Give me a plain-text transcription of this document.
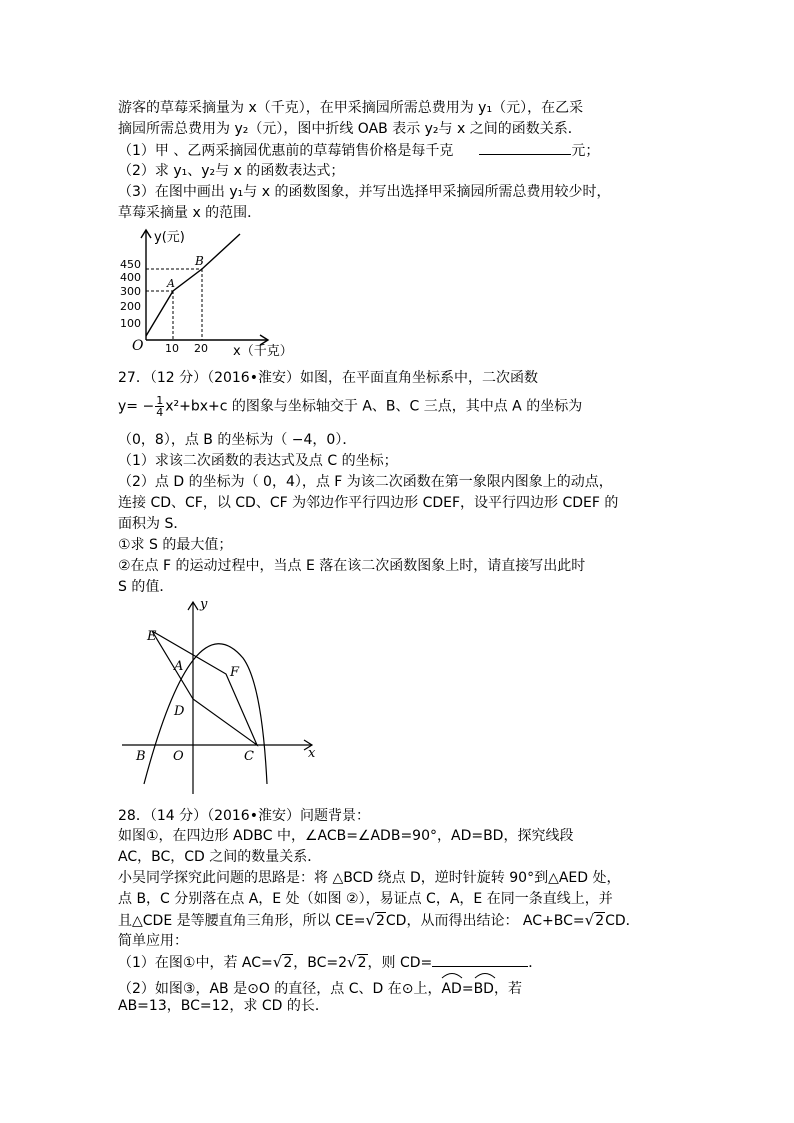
游客的草莓采摘量为 x（千克），在甲采摘园所需总费用为 y₁（元），在乙采
摘园所需总费用为 y₂（元），图中折线 OAB 表示 y₂与 x 之间的函数关系．
（1）甲 、乙两采摘园优惠前的草莓销售价格是每千克	元；
（2）求 y₁、y₂与 x 的函数表达式；
（3）在图中画出 y₁与 x 的函数图象，并写出选择甲采摘园所需总费用较少时，
草莓采摘量 x 的范围．
y(元)
x（千克）
O
A
B
450
400
300
200
100
10 20
27．（12 分）（2016•淮安）如图，在平面直角坐标系中，二次函数
$y= - \frac{1}{4} x^2+bx+c$ 的图象与坐标轴交于 A、B、C 三点，其中点 A 的坐标为
（0，8），点 B 的坐标为（ −4，0）．
（1）求该二次函数的表达式及点 C 的坐标；
（2）点 D 的坐标为（ 0，4），点 F 为该二次函数在第一象限内图象上的动点，
连接 CD、CF，以 CD、CF 为邻边作平行四边形 CDEF，设平行四边形 CDEF 的
面积为 S．
①求 S 的最大值；
②在点 F 的运动过程中，当点 E 落在该二次函数图象上时，请直接写出此时
S 的值．
y
x
E
A	F
D
B O	C
28．（14 分）（2016•淮安）问题背景：
如图①，在四边形 ADBC 中，∠ACB=∠ADB=90°，AD=BD，探究线段
AC，BC，CD 之间的数量关系．
小吴同学探究此问题的思路是：将 △BCD 绕点 D，逆时针旋转 90°到△AED 处，
点 B，C 分别落在点 A，E 处（如图 ②），易证点 C，A，E 在同一条直线上，并
且△CDE 是等腰直角三角形，所以 CE=√2CD，从而得出结论： AC+BC=√2CD．
简单应用：
（1）在图①中，若 AC=√2，BC=2√2，则 CD=	．
（2）如图③，AB 是⊙O 的直径，点 C、D 在⊙上，
AD=
BD，若
AB=13，BC=12，求 CD 的长．
